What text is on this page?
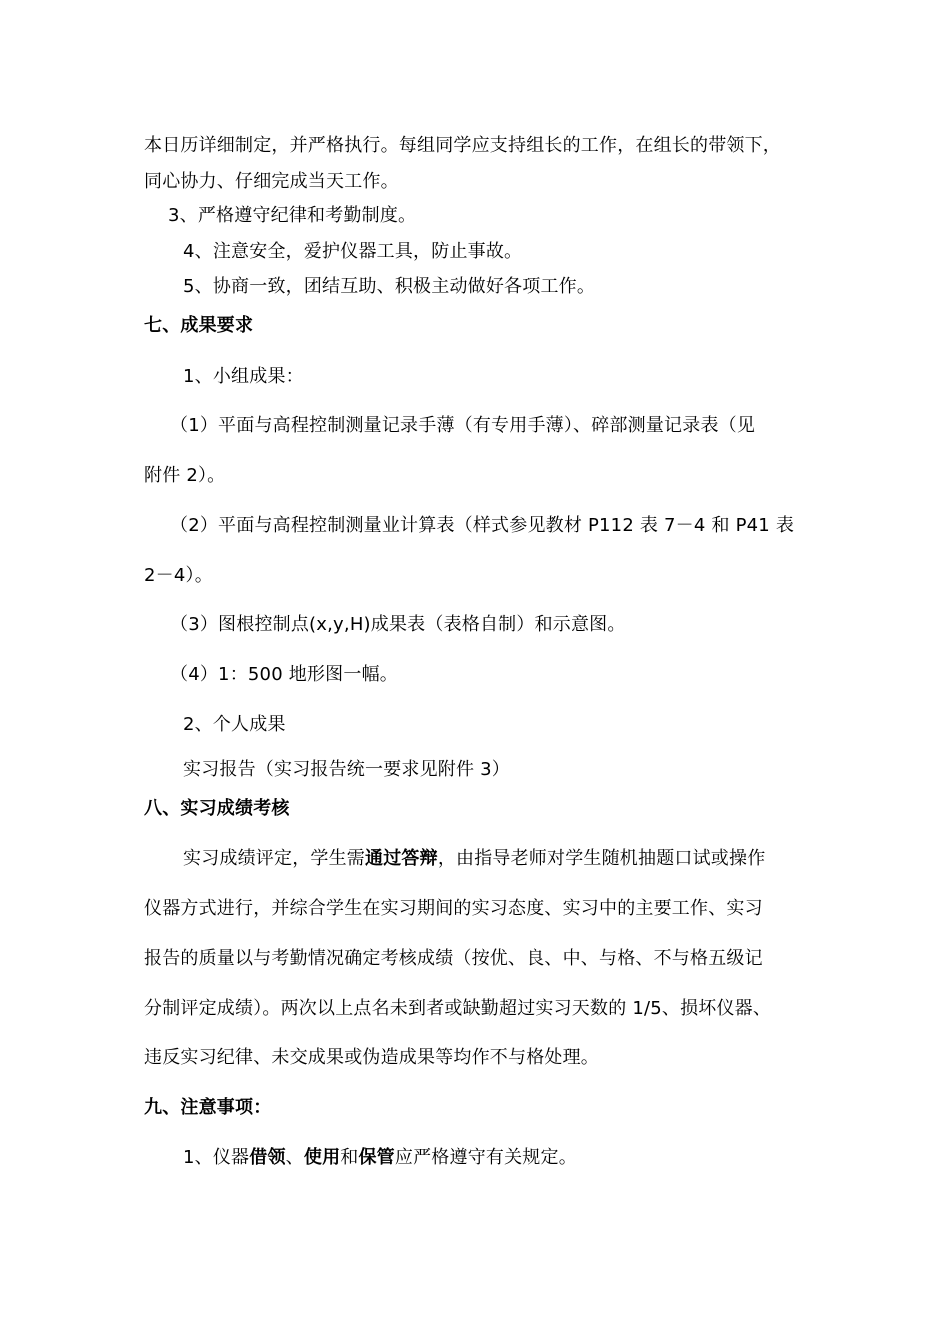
本日历详细制定，并严格执行。每组同学应支持组长的工作，在组长的带领下，
同心协力、仔细完成当天工作。
3、严格遵守纪律和考勤制度。
4、注意安全，爱护仪器工具，防止事故。
5、协商一致，团结互助、积极主动做好各项工作。
七、成果要求
1、小组成果：
（1）平面与高程控制测量记录手薄（有专用手薄）、碎部测量记录表（见
附件 2）。
（2）平面与高程控制测量业计算表（样式参见教材 P112 表 7－4 和 P41 表
2－4）。
（3）图根控制点(x,y,H)成果表（表格自制）和示意图。
（4）1：500 地形图一幅。
2、个人成果
实习报告（实习报告统一要求见附件 3）
八、实习成绩考核
实习成绩评定，学生需通过答辩，由指导老师对学生随机抽题口试或操作
仪器方式进行，并综合学生在实习期间的实习态度、实习中的主要工作、实习
报告的质量以与考勤情况确定考核成绩（按优、良、中、与格、不与格五级记
分制评定成绩）。两次以上点名未到者或缺勤超过实习天数的 1/5、损坏仪器、
违反实习纪律、未交成果或伪造成果等均作不与格处理。
九、注意事项：
1、仪器借领、使用和保管应严格遵守有关规定。
